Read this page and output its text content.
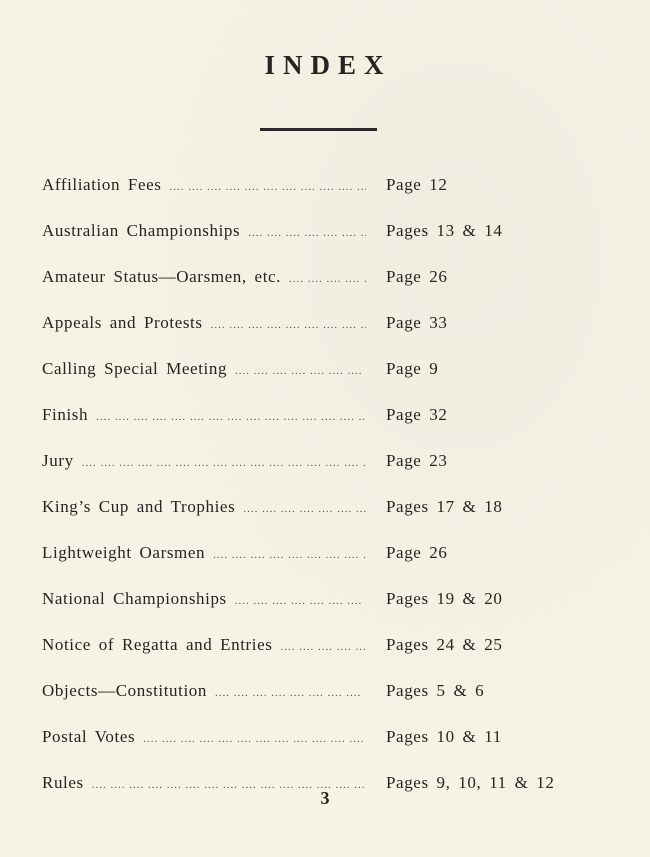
INDEX
Affiliation Fees ....	Page 12
Australian Championships ....	Pages 13 & 14
Amateur Status—Oarsmen, etc. ....	Page 26
Appeals and Protests ....	Page 33
Calling Special Meeting ....	Page 9
Finish ....	Page 32
Jury ....	Page 23
King’s Cup and Trophies ....	Pages 17 & 18
Lightweight Oarsmen ....	Page 26
National Championships ....	Pages 19 & 20
Notice of Regatta and Entries ....	Pages 24 & 25
Objects—Constitution ....	Pages 5 & 6
Postal Votes ....	Pages 10 & 11
Rules ....	Pages 9, 10, 11 & 12
3
